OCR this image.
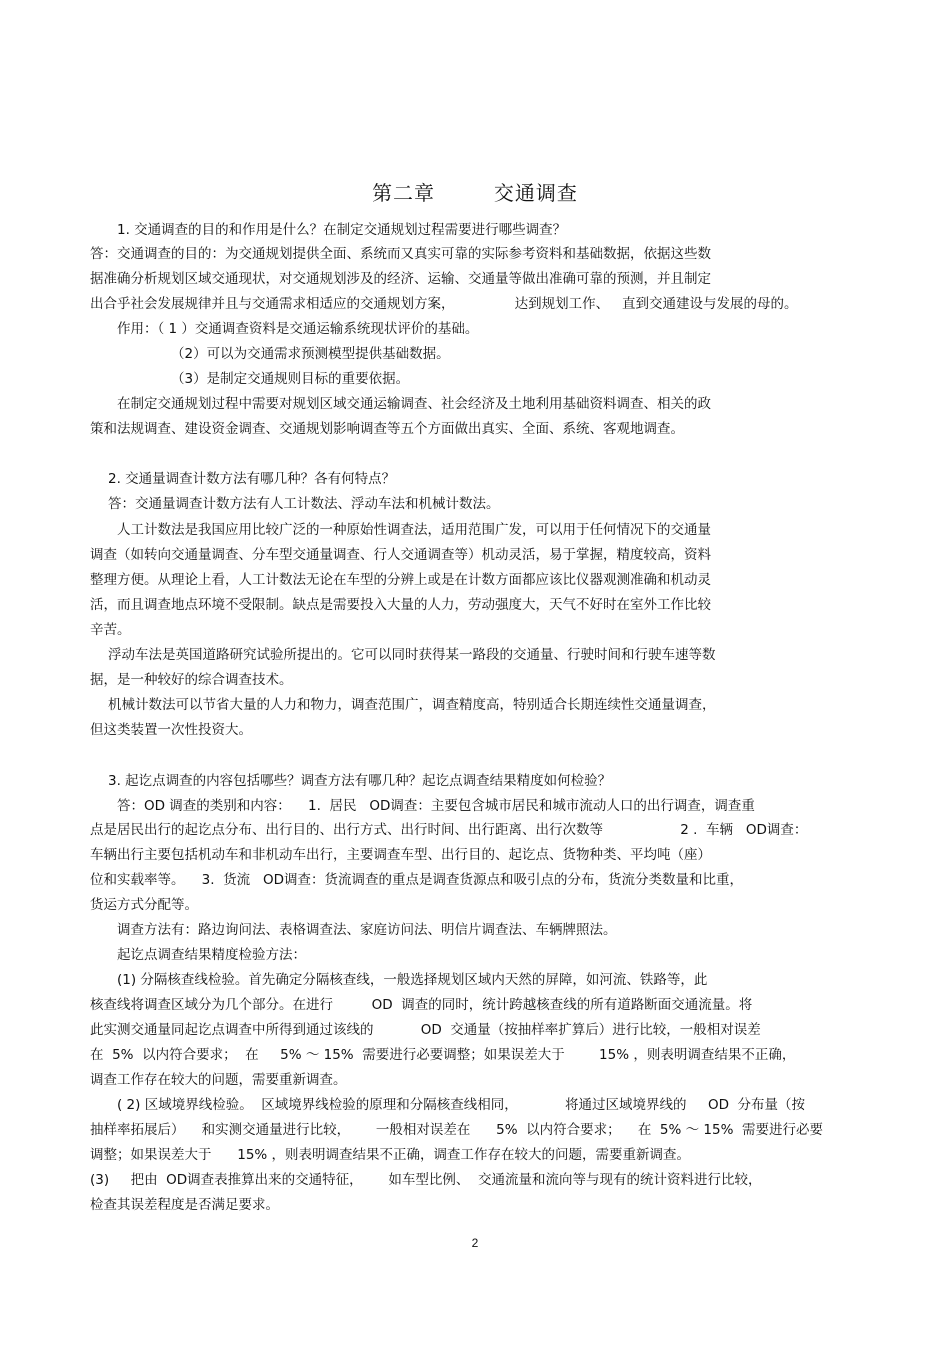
第二章        交通调查

1. 交通调查的目的和作用是什么？在制定交通规划过程需要进行哪些调查？

答：交通调查的目的：为交通规划提供全面、系统而又真实可靠的实际参考资料和基础数据，依据这些数

据准确分析规划区域交通现状，对交通规划涉及的经济、运输、交通量等做出准确可靠的预测，并且制定

出合乎社会发展规律并且与交通需求相适应的交通规划方案，              达到规划工作、   直到交通建设与发展的母的。

作用：（ 1 ）交通调查资料是交通运输系统现状评价的基础。

（2）可以为交通需求预测模型提供基础数据。

（3）是制定交通规则目标的重要依据。

在制定交通规划过程中需要对规划区域交通运输调查、社会经济及土地利用基础资料调查、相关的政

策和法规调查、建设资金调查、交通规划影响调查等五个方面做出真实、全面、系统、客观地调查。

2. 交通量调查计数方法有哪几种？各有何特点？

答：交通量调查计数方法有人工计数法、浮动车法和机械计数法。

人工计数法是我国应用比较广泛的一种原始性调查法，适用范围广发，可以用于任何情况下的交通量

调查（如转向交通量调查、分车型交通量调查、行人交通调查等）机动灵活，易于掌握，精度较高，资料

整理方便。从理论上看，人工计数法无论在车型的分辨上或是在计数方面都应该比仪器观测准确和机动灵

活，而且调查地点环境不受限制。缺点是需要投入大量的人力，劳动强度大，天气不好时在室外工作比较

辛苦。

浮动车法是英国道路研究试验所提出的。它可以同时获得某一路段的交通量、行驶时间和行驶车速等数

据，是一种较好的综合调查技术。

机械计数法可以节省大量的人力和物力，调查范围广，调查精度高，特别适合长期连续性交通量调查，

但这类装置一次性投资大。

3. 起讫点调查的内容包括哪些？调查方法有哪几种？起讫点调查结果精度如何检验？

答：OD 调查的类别和内容：    1.  居民   OD调查：主要包含城市居民和城市流动人口的出行调查，调查重

点是居民出行的起讫点分布、出行目的、出行方式、出行时间、出行距离、出行次数等                  2 .  车辆   OD调查：

车辆出行主要包括机动车和非机动车出行，主要调查车型、出行目的、起讫点、货物种类、平均吨（座）

位和实载率等。    3.  货流   OD调查：货流调查的重点是调查货源点和吸引点的分布，货流分类数量和比重，

货运方式分配等。

调查方法有：路边询问法、表格调查法、家庭访问法、明信片调查法、车辆牌照法。

起讫点调查结果精度检验方法：

(1) 分隔核查线检验。首先确定分隔核查线，一般选择规划区域内天然的屏障，如河流、铁路等，此

核查线将调查区域分为几个部分。在进行         OD  调查的同时，统计跨越核查线的所有道路断面交通流量。将

此实测交通量同起讫点调查中所得到通过该线的           OD  交通量（按抽样率扩算后）进行比较，一般相对误差

在  5%  以内符合要求；  在     5% ～ 15%  需要进行必要调整；如果误差大于        15% ，则表明调查结果不正确，

调查工作存在较大的问题，需要重新调查。

( 2) 区域境界线检验。  区域境界线检验的原理和分隔核查线相同，           将通过区域境界线的     OD  分布量（按

抽样率拓展后）    和实测交通量进行比较，      一般相对误差在      5%  以内符合要求；    在  5% ～ 15%  需要进行必要

调整；如果误差大于      15% ，则表明调查结果不正确，调查工作存在较大的问题，需要重新调查。

(3)     把由  OD调查表推算出来的交通特征，      如车型比例、  交通流量和流向等与现有的统计资料进行比较，

检查其误差程度是否满足要求。

2
